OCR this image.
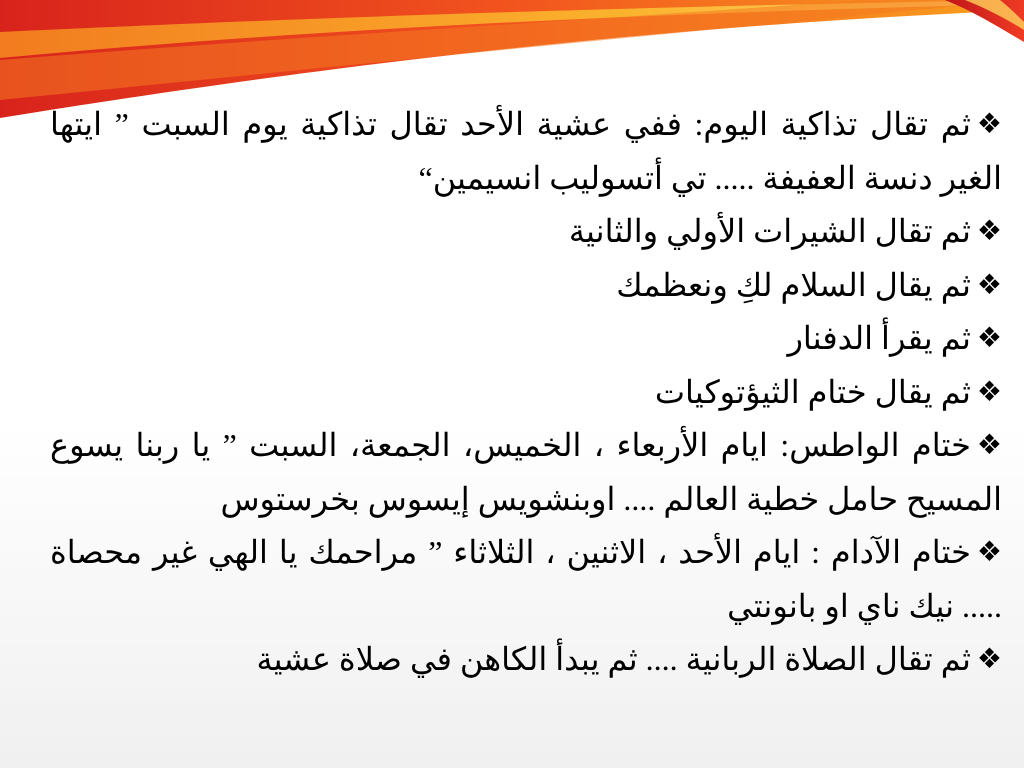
❖ثم تقال تذاكية اليوم: ففي عشية الأحد تقال تذاكية يوم السبت ” ايتها الغير دنسة العفيفة ..... تي أتسوليب انسيمين“

❖ثم تقال الشيرات الأولي والثانية

❖ثم يقال السلام لكِ ونعظمك

❖ثم يقرأ الدفنار

❖ثم يقال ختام الثيؤتوكيات

❖ختام الواطس: ايام الأربعاء ، الخميس، الجمعة، السبت ” يا ربنا يسوع المسيح حامل خطية العالم .... اوبنشويس إيسوس بخرستوس

❖ختام الآدام : ايام الأحد ، الاثنين ، الثلاثاء ” مراحمك يا الهي غير محصاة ..... نيك ناي او بانونتي

❖ثم تقال الصلاة الربانية .... ثم يبدأ الكاهن في صلاة عشية
